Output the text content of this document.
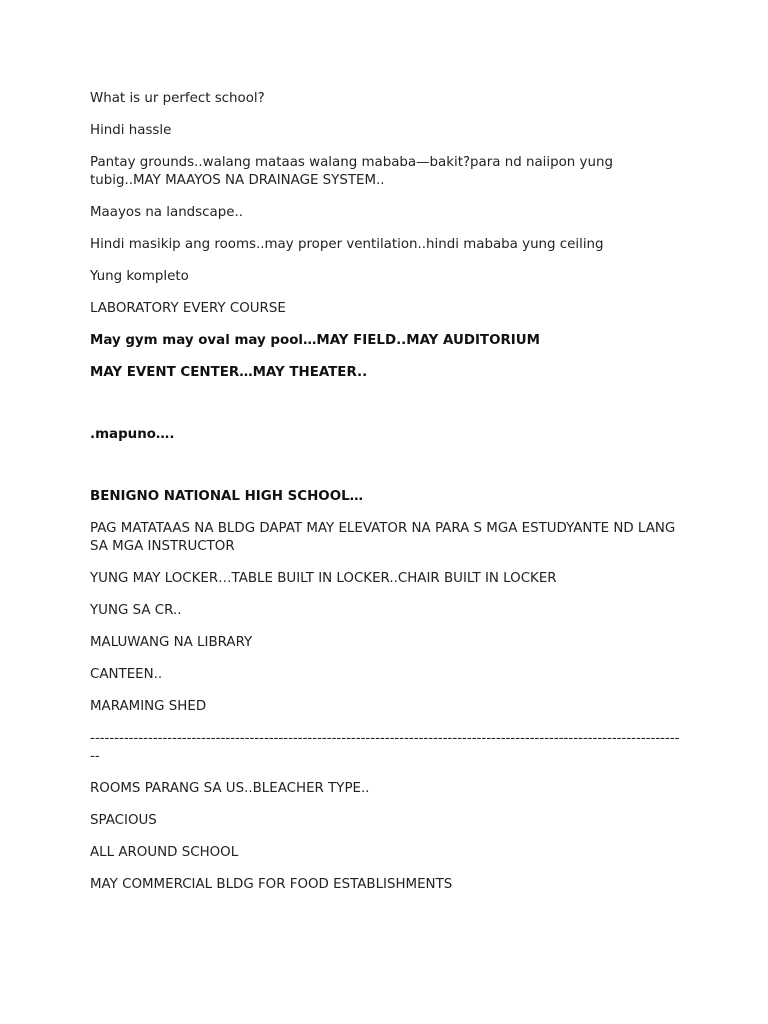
What is ur perfect school?

Hindi hassle

Pantay grounds..walang mataas walang mababa—bakit?para nd naiipon yung tubig..MAY MAAYOS NA DRAINAGE SYSTEM..

Maayos na landscape..

Hindi masikip ang rooms..may proper ventilation..hindi mababa yung ceiling

Yung kompleto

LABORATORY EVERY COURSE

May gym may oval may pool…MAY FIELD..MAY AUDITORIUM

MAY EVENT CENTER…MAY THEATER..

.mapuno….

BENIGNO NATIONAL HIGH SCHOOL…

PAG MATATAAS NA BLDG DAPAT MAY ELEVATOR NA PARA S MGA ESTUDYANTE ND LANG SA MGA INSTRUCTOR

YUNG MAY LOCKER…TABLE BUILT IN LOCKER..CHAIR BUILT IN LOCKER

YUNG SA CR..

MALUWANG NA LIBRARY

CANTEEN..

MARAMING SHED

----------------------------------------------------------------------------------------------------------------------------

ROOMS PARANG SA US..BLEACHER TYPE..

SPACIOUS

ALL AROUND SCHOOL

MAY COMMERCIAL BLDG FOR FOOD ESTABLISHMENTS
